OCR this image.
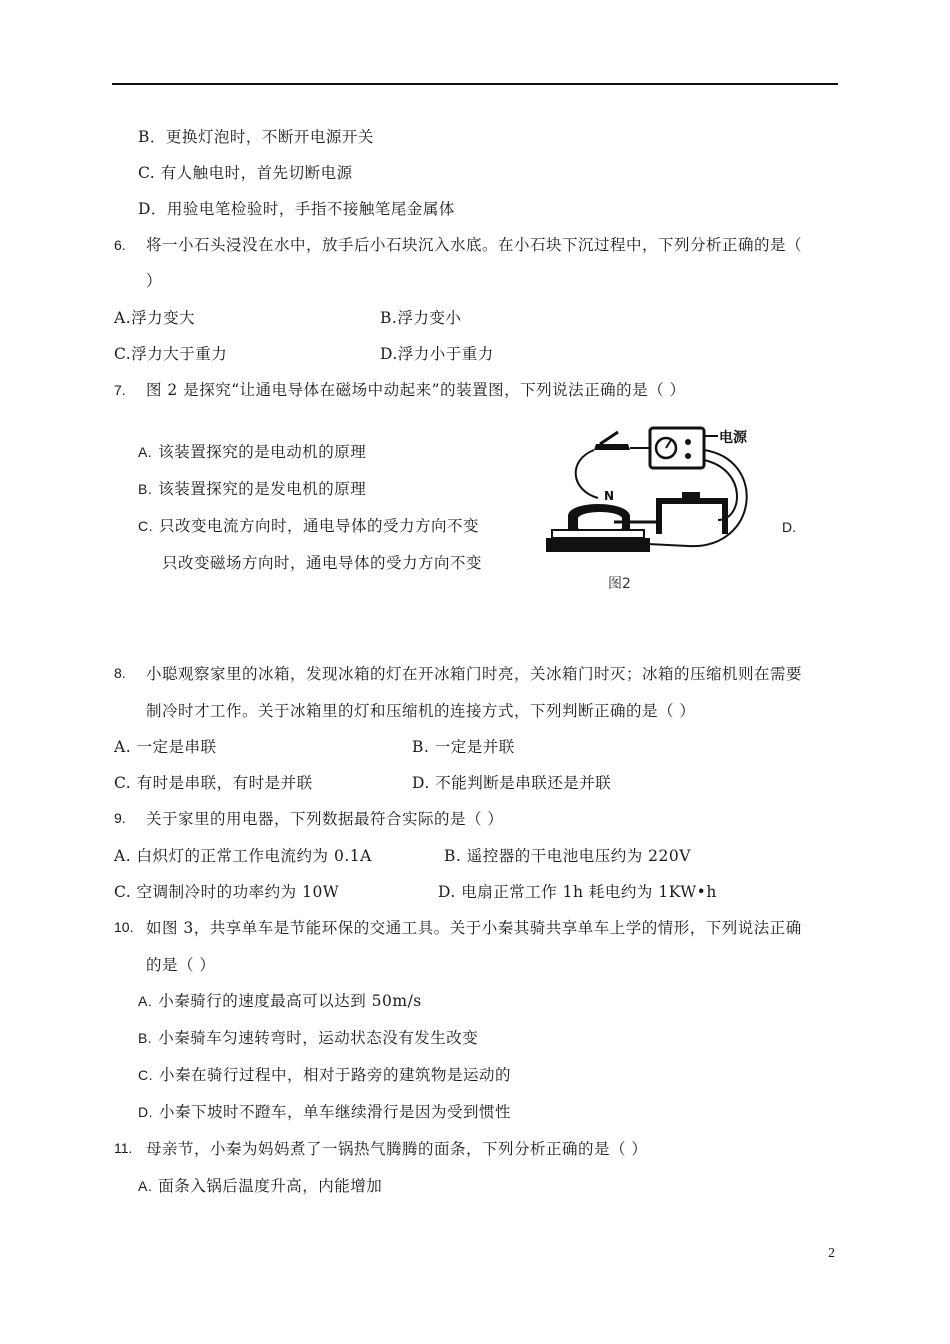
B．更换灯泡时，不断开电源开关
C. 有人触电时，首先切断电源
D．用验电笔检验时，手指不接触笔尾金属体
6. 将一小石头浸没在水中，放手后小石块沉入水底。在小石块下沉过程中，下列分析正确的是（
）
A.浮力变大	B.浮力变小
C.浮力大于重力	D.浮力小于重力
7. 图 2 是探究“让通电导体在磁场中动起来”的装置图，下列说法正确的是（ ）
A. 该装置探究的是电动机的原理
B. 该装置探究的是发电机的原理
C. 只改变电流方向时，通电导体的受力方向不变	D.
只改变磁场方向时，通电导体的受力方向不变
电源
N
图2
8. 小聪观察家里的冰箱，发现冰箱的灯在开冰箱门时亮，关冰箱门时灭；冰箱的压缩机则在需要
制冷时才工作。关于冰箱里的灯和压缩机的连接方式，下列判断正确的是（ ）
A. 一定是串联	B. 一定是并联
C. 有时是串联，有时是并联	D. 不能判断是串联还是并联
9. 关于家里的用电器，下列数据最符合实际的是（ ）
A. 白炽灯的正常工作电流约为 0.1A	B. 遥控器的干电池电压约为 220V
C. 空调制冷时的功率约为 10W	D. 电扇正常工作 1h 耗电约为 1KW•h
10. 如图 3，共享单车是节能环保的交通工具。关于小秦其骑共享单车上学的情形，下列说法正确
的是（ ）
A. 小秦骑行的速度最高可以达到 50m/s
B. 小秦骑车匀速转弯时，运动状态没有发生改变
C. 小秦在骑行过程中，相对于路旁的建筑物是运动的
D. 小秦下坡时不蹬车，单车继续滑行是因为受到惯性
11. 母亲节，小秦为妈妈煮了一锅热气腾腾的面条，下列分析正确的是（ ）
A. 面条入锅后温度升高，内能增加
2
